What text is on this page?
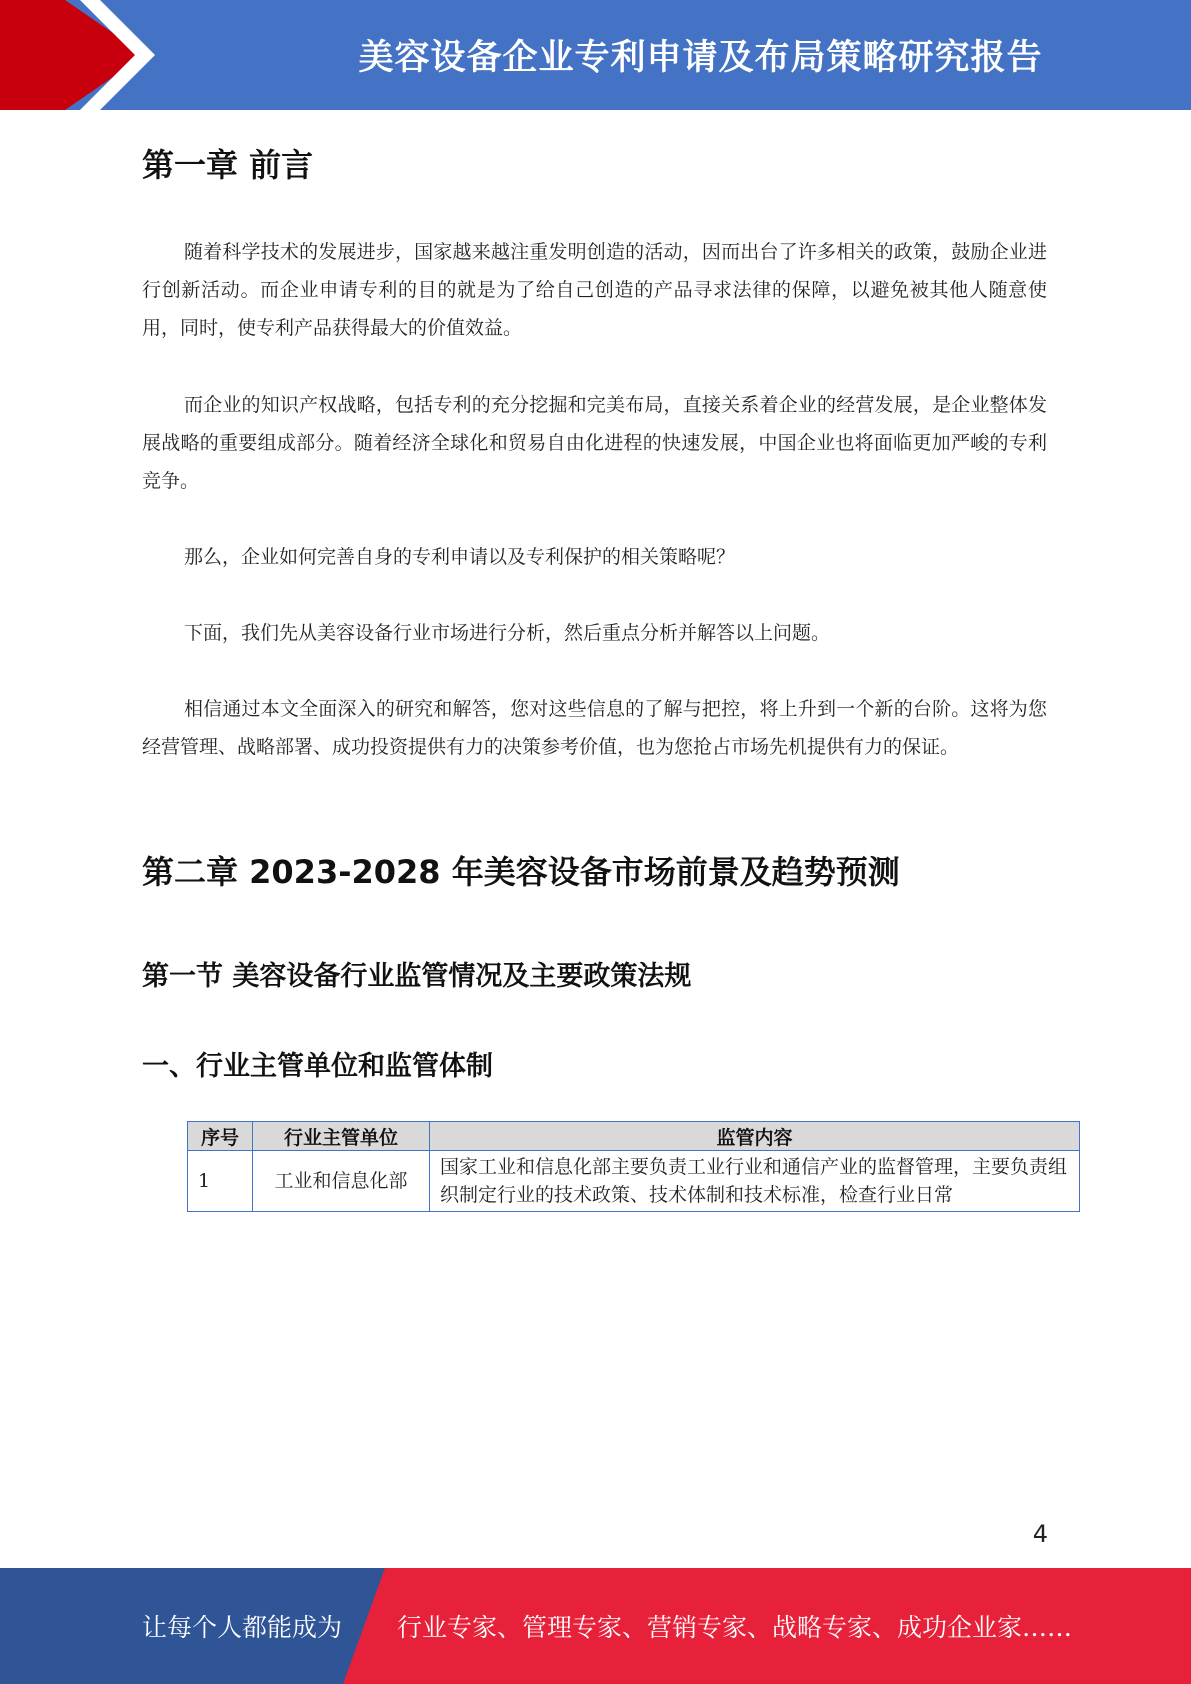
美容设备企业专利申请及布局策略研究报告
第一章 前言

随着科学技术的发展进步，国家越来越注重发明创造的活动，因而出台了许多相关的政策，鼓励企业进行创新活动。而企业申请专利的目的就是为了给自己创造的产品寻求法律的保障，以避免被其他人随意使用，同时，使专利产品获得最大的价值效益。

而企业的知识产权战略，包括专利的充分挖掘和完美布局，直接关系着企业的经营发展，是企业整体发展战略的重要组成部分。随着经济全球化和贸易自由化进程的快速发展，中国企业也将面临更加严峻的专利竞争。

那么，企业如何完善自身的专利申请以及专利保护的相关策略呢？

下面，我们先从美容设备行业市场进行分析，然后重点分析并解答以上问题。

相信通过本文全面深入的研究和解答，您对这些信息的了解与把控，将上升到一个新的台阶。这将为您经营管理、战略部署、成功投资提供有力的决策参考价值，也为您抢占市场先机提供有力的保证。

第二章 2023-2028 年美容设备市场前景及趋势预测
第一节 美容设备行业监管情况及主要政策法规
一、行业主管单位和监管体制
序号	行业主管单位	监管内容
1	工业和信息化部	国家工业和信息化部主要负责工业行业和通信产业的监督管理，主要负责组织制定行业的技术政策、技术体制和技术标准，检查行业日常
4
让每个人都能成为 行业专家、管理专家、营销专家、战略专家、成功企业家……
